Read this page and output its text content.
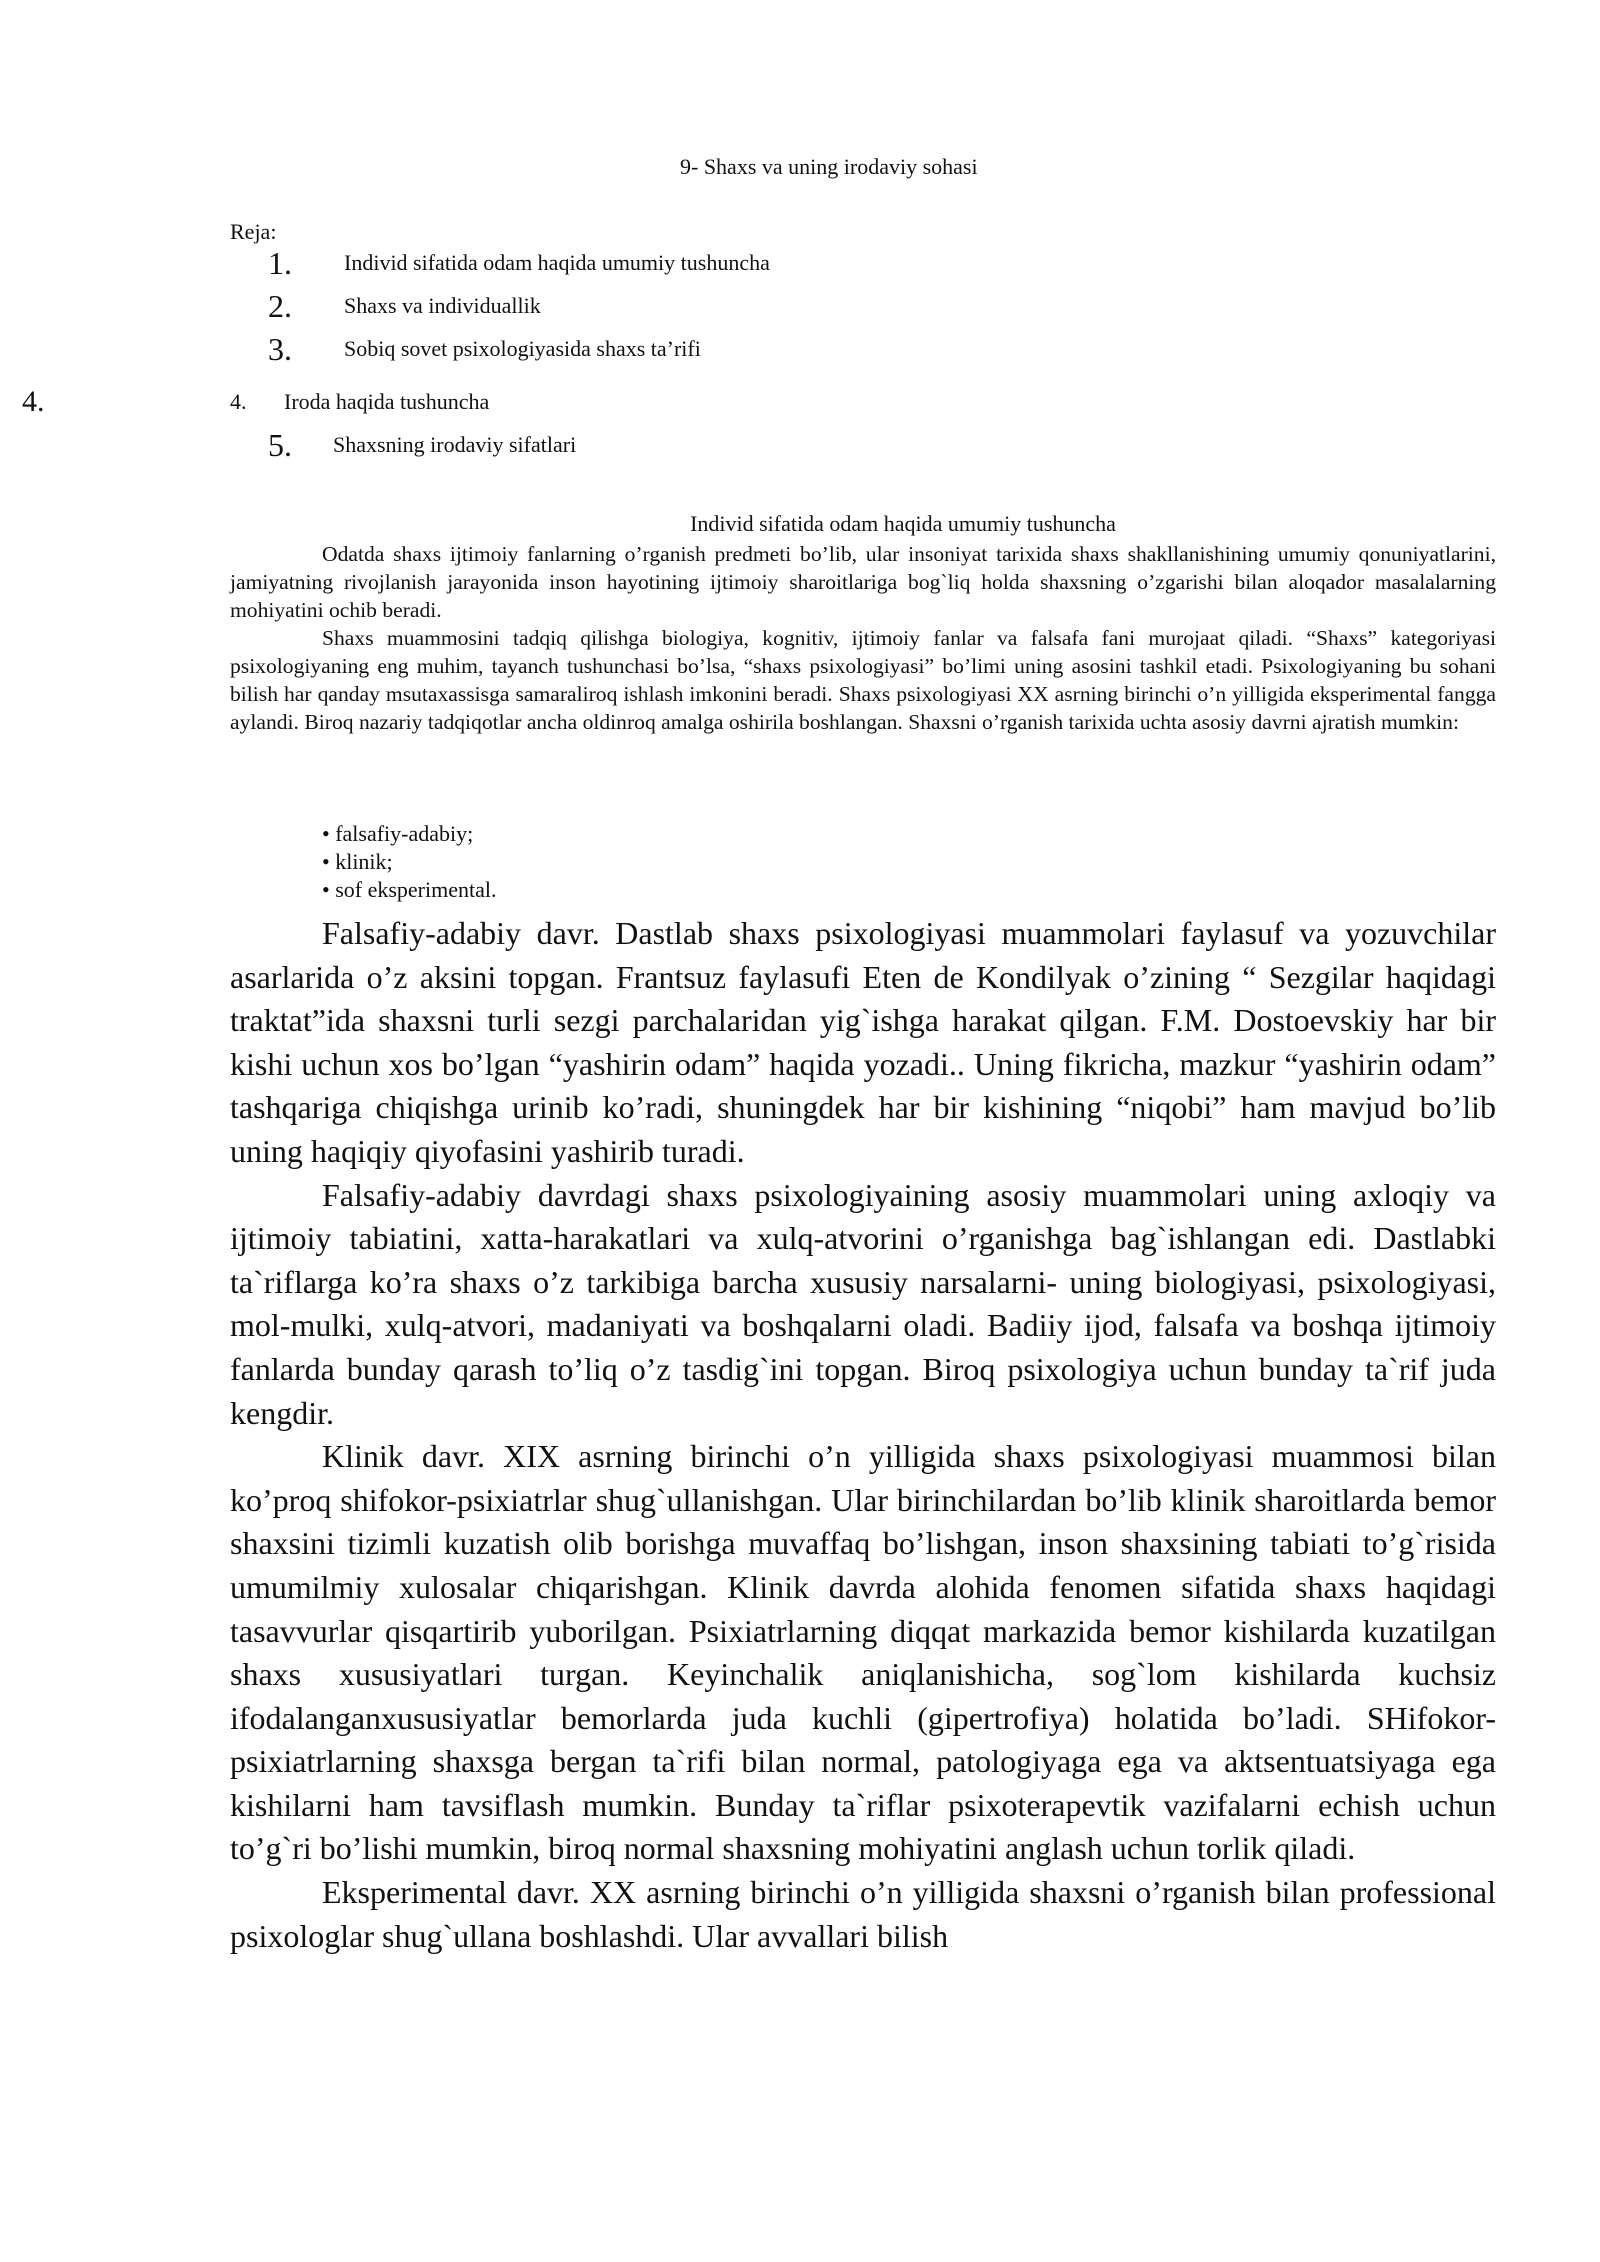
9- Shaxs va uning irodaviy sohasi
Reja:
4.
1. Individ sifatida odam haqida umumiy tushuncha
2. Shaxs va individuallik
3. Sobiq sovet psixologiyasida shaxs ta’rifi
4. Iroda haqida tushuncha
5. Shaxsning irodaviy sifatlari
Individ sifatida odam haqida umumiy tushuncha

Odatda shaxs ijtimoiy fanlarning o’rganish predmeti bo’lib, ular insoniyat tarixida shaxs shakllanishining umumiy qonuniyatlarini, jamiyatning rivojlanish jarayonida inson hayotining ijtimoiy sharoitlariga bog`liq holda shaxsning o’zgarishi bilan aloqador masalalarning mohiyatini ochib beradi.

Shaxs muammosini tadqiq qilishga biologiya, kognitiv, ijtimoiy fanlar va falsafa fani murojaat qiladi. “Shaxs” kategoriyasi psixologiyaning eng muhim, tayanch tushunchasi bo’lsa, “shaxs psixologiyasi” bo’limi uning asosini tashkil etadi. Psixologiyaning bu sohani bilish har qanday msutaxassisga samaraliroq ishlash imkonini beradi. Shaxs psixologiyasi XX asrning birinchi o’n yilligida eksperimental fangga aylandi. Biroq nazariy tadqiqotlar ancha oldinroq amalga oshirila boshlangan. Shaxsni o’rganish tarixida uchta asosiy davrni ajratish mumkin:

• falsafiy-adabiy;
• klinik;
• sof eksperimental.

Falsafiy-adabiy davr. Dastlab shaxs psixologiyasi muammolari faylasuf va yozuvchilar asarlarida o’z aksini topgan. Frantsuz faylasufi Eten de Kondilyak o’zining “ Sezgilar haqidagi traktat”ida shaxsni turli sezgi parchalaridan yig`ishga harakat qilgan. F.M. Dostoevskiy har bir kishi uchun xos bo’lgan “yashirin odam” haqida yozadi.. Uning fikricha, mazkur “yashirin odam” tashqariga chiqishga urinib ko’radi, shuningdek har bir kishining “niqobi” ham mavjud bo’lib uning haqiqiy qiyofasini yashirib turadi.

Falsafiy-adabiy davrdagi shaxs psixologiyaining asosiy muammolari uning axloqiy va ijtimoiy tabiatini, xatta-harakatlari va xulq-atvorini o’rganishga bag`ishlangan edi. Dastlabki ta`riflarga ko’ra shaxs o’z tarkibiga barcha xususiy narsalarni- uning biologiyasi, psixologiyasi, mol-mulki, xulq-atvori, madaniyati va boshqalarni oladi. Badiiy ijod, falsafa va boshqa ijtimoiy fanlarda bunday qarash to’liq o’z tasdig`ini topgan. Biroq psixologiya uchun bunday ta`rif juda kengdir.

Klinik davr. XIX asrning birinchi o’n yilligida shaxs psixologiyasi muammosi bilan ko’proq shifokor-psixiatrlar shug`ullanishgan. Ular birinchilardan bo’lib klinik sharoitlarda bemor shaxsini tizimli kuzatish olib borishga muvaffaq bo’lishgan, inson shaxsining tabiati to’g`risida umumilmiy xulosalar chiqarishgan. Klinik davrda alohida fenomen sifatida shaxs haqidagi tasavvurlar qisqartirib yuborilgan. Psixiatrlarning diqqat markazida bemor kishilarda kuzatilgan shaxs xususiyatlari turgan. Keyinchalik aniqlanishicha, sog`lom kishilarda kuchsiz ifodalanganxususiyatlar bemorlarda juda kuchli (gipertrofiya) holatida bo’ladi. SHifokor-psixiatrlarning shaxsga bergan ta`rifi bilan normal, patologiyaga ega va aktsentuatsiyaga ega kishilarni ham tavsiflash mumkin. Bunday ta`riflar psixoterapevtik vazifalarni echish uchun to’g`ri bo’lishi mumkin, biroq normal shaxsning mohiyatini anglash uchun torlik qiladi.

Eksperimental davr. XX asrning birinchi o’n yilligida shaxsni o’rganish bilan professional psixologlar shug`ullana boshlashdi. Ular avvallari bilish
